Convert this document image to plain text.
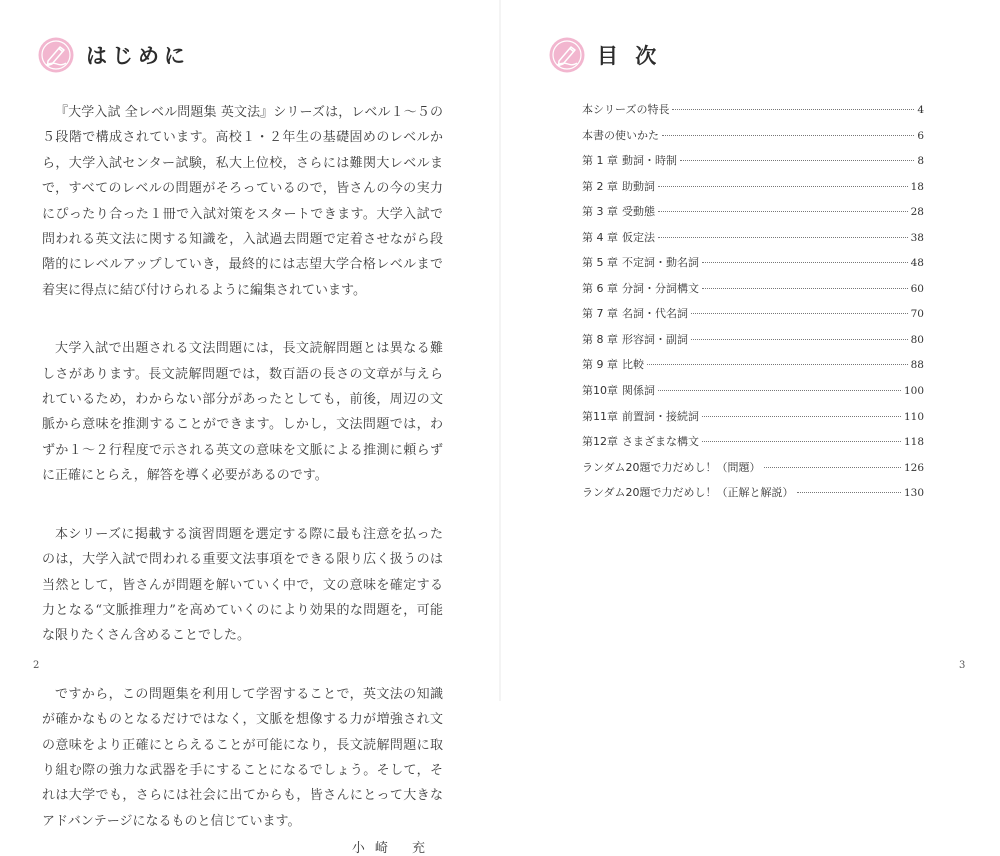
はじめに

『大学入試 全レベル問題集 英文法』シリーズは，レベル１～５の５段階で構成されています。高校１・２年生の基礎固めのレベルから，大学入試センター試験，私大上位校，さらには難関大レベルまで，すべてのレベルの問題がそろっているので，皆さんの今の実力にぴったり合った１冊で入試対策をスタートできます。大学入試で問われる英文法に関する知識を，入試過去問題で定着させながら段階的にレベルアップしていき，最終的には志望大学合格レベルまで着実に得点に結び付けられるように編集されています。

大学入試で出題される文法問題には，長文読解問題とは異なる難しさがあります。長文読解問題では，数百語の長さの文章が与えられているため，わからない部分があったとしても，前後，周辺の文脈から意味を推測することができます。しかし，文法問題では，わずか１～２行程度で示される英文の意味を文脈による推測に頼らずに正確にとらえ，解答を導く必要があるのです。

本シリーズに掲載する演習問題を選定する際に最も注意を払ったのは，大学入試で問われる重要文法事項をできる限り広く扱うのは当然として，皆さんが問題を解いていく中で，文の意味を確定する力となる“文脈推理力”を高めていくのにより効果的な問題を，可能な限りたくさん含めることでした。

ですから，この問題集を利用して学習することで，英文法の知識が確かなものとなるだけではなく，文脈を想像する力が増強され文の意味をより正確にとらえることが可能になり，長文読解問題に取り組む際の強力な武器を手にすることになるでしょう。そして，それは大学でも，さらには社会に出てからも，皆さんにとって大きなアドバンテージになるものと信じています。

小崎 充
2
目 次
本シリーズの特長	4
本書の使いかた	6
第 1 章 動詞・時制	8
第 2 章 助動詞	18
第 3 章 受動態	28
第 4 章 仮定法	38
第 5 章 不定詞・動名詞	48
第 6 章 分詞・分詞構文	60
第 7 章 名詞・代名詞	70
第 8 章 形容詞・副詞	80
第 9 章 比較	88
第10章 関係詞	100
第11章 前置詞・接続詞	110
第12章 さまざまな構文	118
ランダム20題で力だめし！（問題）	126
ランダム20題で力だめし！（正解と解説）	130
3
